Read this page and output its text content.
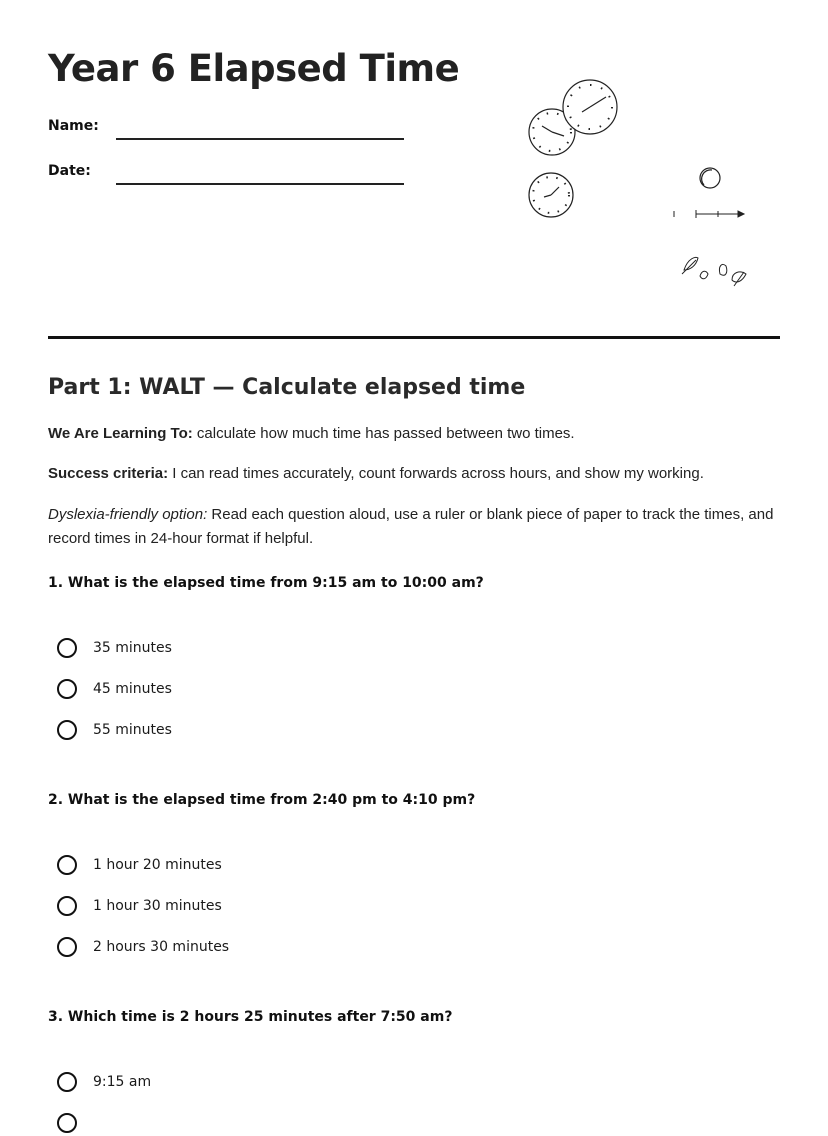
Year 6 Elapsed Time
Name:
Date:
Part 1: WALT — Calculate elapsed time
We Are Learning To: calculate how much time has passed between two times.
Success criteria: I can read times accurately, count forwards across hours, and show my working.
Dyslexia-friendly option: Read each question aloud, use a ruler or blank piece of paper to track the times, and record times in 24-hour format if helpful.
1. What is the elapsed time from 9:15 am to 10:00 am?
35 minutes
45 minutes
55 minutes
2. What is the elapsed time from 2:40 pm to 4:10 pm?
1 hour 20 minutes
1 hour 30 minutes
2 hours 30 minutes
3. Which time is 2 hours 25 minutes after 7:50 am?
9:15 am
